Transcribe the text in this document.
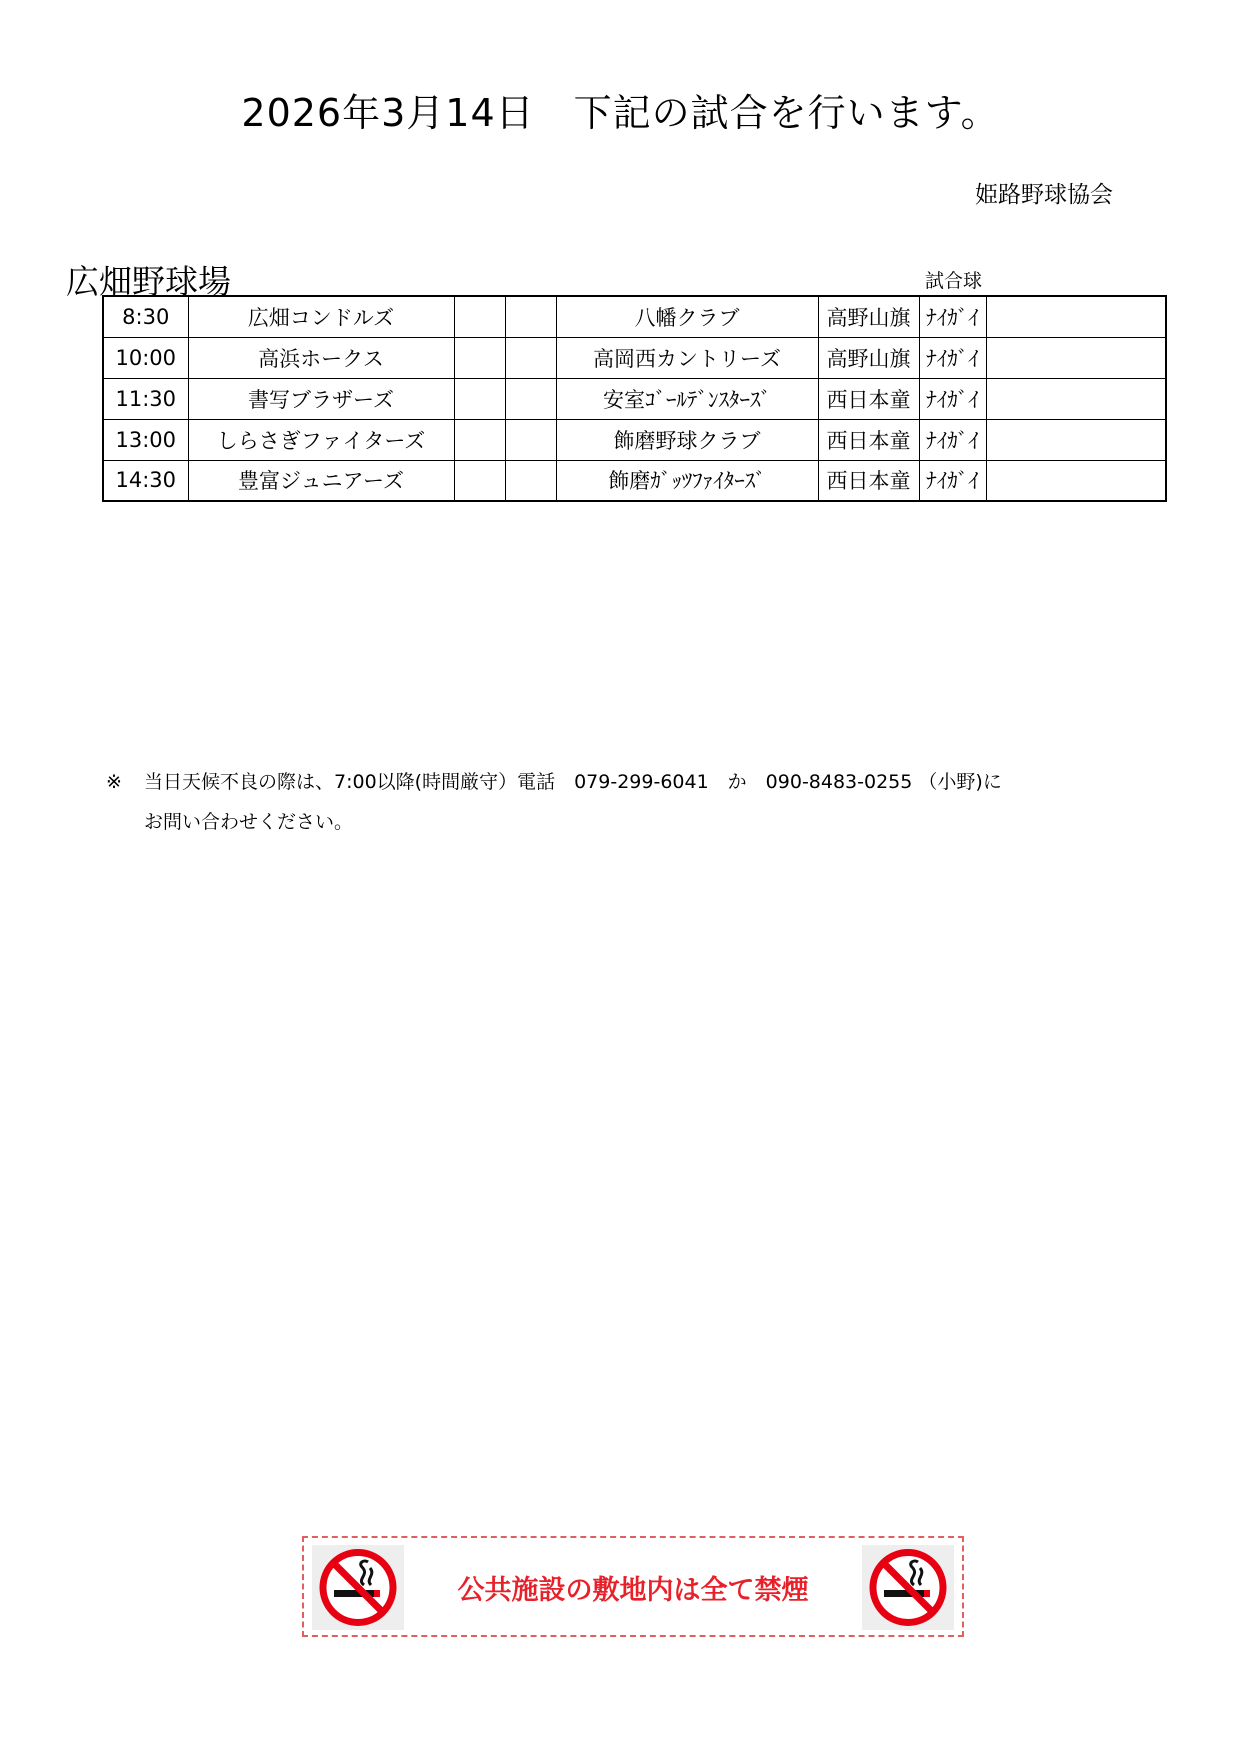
2026年3月14日　下記の試合を行います。
姫路野球協会
広畑野球場	試合球
8:30	広畑コンドルズ			八幡クラブ	高野山旗	ﾅｲｶﾞｲ	
10:00	高浜ホークス			高岡西カントリーズ	高野山旗	ﾅｲｶﾞｲ	
11:30	書写ブラザーズ			安室ｺﾞｰﾙﾃﾞﾝｽﾀｰｽﾞ	西日本童	ﾅｲｶﾞｲ	
13:00	しらさぎファイターズ			飾磨野球クラブ	西日本童	ﾅｲｶﾞｲ	
14:30	豊富ジュニアーズ			飾磨ｶﾞｯﾂﾌｧｲﾀｰｽﾞ	西日本童	ﾅｲｶﾞｲ	
※ 当日天候不良の際は、7:00以降(時間厳守）電話　079-299-6041　か　090-8483-0255 （小野)に
お問い合わせください。
公共施設の敷地内は全て禁煙
